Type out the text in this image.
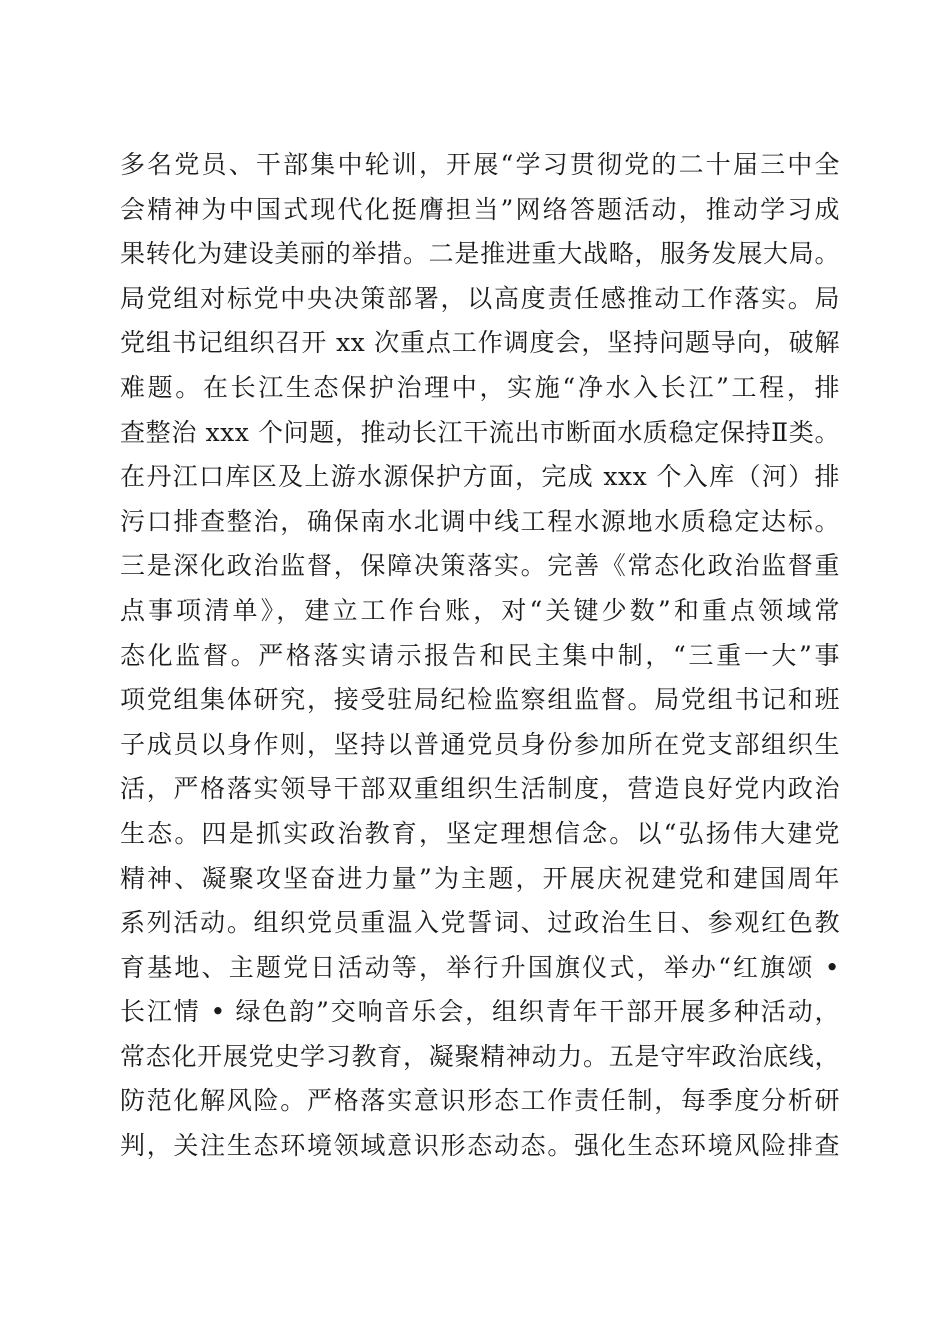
多名党员、干部集中轮训，开展“学习贯彻党的二十届三中全
会精神为中国式现代化挺膺担当”网络答题活动，推动学习成
果转化为建设美丽的举措。二是推进重大战略，服务发展大局。
局党组对标党中央决策部署，以高度责任感推动工作落实。局
党组书记组织召开 xx 次重点工作调度会，坚持问题导向，破解
难题。在长江生态保护治理中，实施“净水入长江”工程，排
查整治 xxx 个问题，推动长江干流出市断面水质稳定保持Ⅱ类。
在丹江口库区及上游水源保护方面，完成 xxx 个入库（河）排
污口排查整治，确保南水北调中线工程水源地水质稳定达标。
三是深化政治监督，保障决策落实。完善《常态化政治监督重
点事项清单》，建立工作台账，对“关键少数”和重点领域常
态化监督。严格落实请示报告和民主集中制，“三重一大”事
项党组集体研究，接受驻局纪检监察组监督。局党组书记和班
子成员以身作则，坚持以普通党员身份参加所在党支部组织生
活，严格落实领导干部双重组织生活制度，营造良好党内政治
生态。四是抓实政治教育，坚定理想信念。以“弘扬伟大建党
精神、凝聚攻坚奋进力量”为主题，开展庆祝建党和建国周年
系列活动。组织党员重温入党誓词、过政治生日、参观红色教
育基地、主题党日活动等，举行升国旗仪式，举办“红旗颂 •
长江情 • 绿色韵”交响音乐会，组织青年干部开展多种活动，
常态化开展党史学习教育，凝聚精神动力。五是守牢政治底线，
防范化解风险。严格落实意识形态工作责任制，每季度分析研
判，关注生态环境领域意识形态动态。强化生态环境风险排查
